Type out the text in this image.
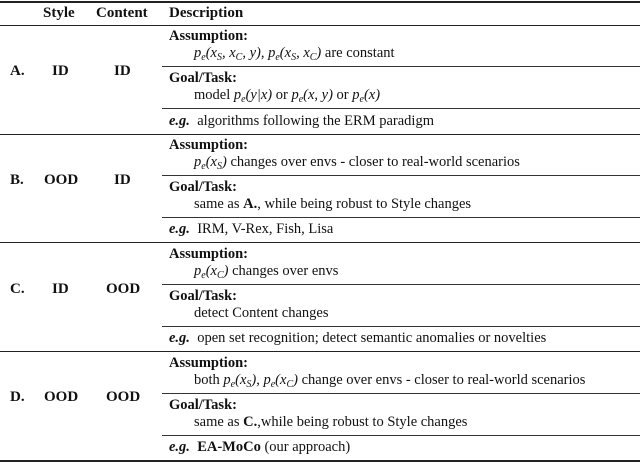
Style Content Description
A. ID	ID
Assumption:
$p_e(x_S$, $x_C$, y), $p_e(x_S$, $x_C$) are constant
Goal/Task:
model $p_e(y|x)$ or $p_e(x$, y) or $p_e(x)$
e.g. algorithms following the ERM paradigm
B. OOD ID
Assumption:
$p_e(x_S)$ changes over envs - closer to real-world scenarios
Goal/Task:
same as A., while being robust to Style changes
e.g. IRM, V-Rex, Fish, Lisa
C. ID OOD
Assumption:
$p_e(x_C)$ changes over envs
Goal/Task:
detect Content changes
e.g. open set recognition; detect semantic anomalies or novelties
D. OOD OOD
Assumption:
both $p_e(x_S)$, $p_e(x_C)$ change over envs - closer to real-world scenarios
Goal/Task:
same as C.,while being robust to Style changes
e.g. EA-MoCo (our approach)
